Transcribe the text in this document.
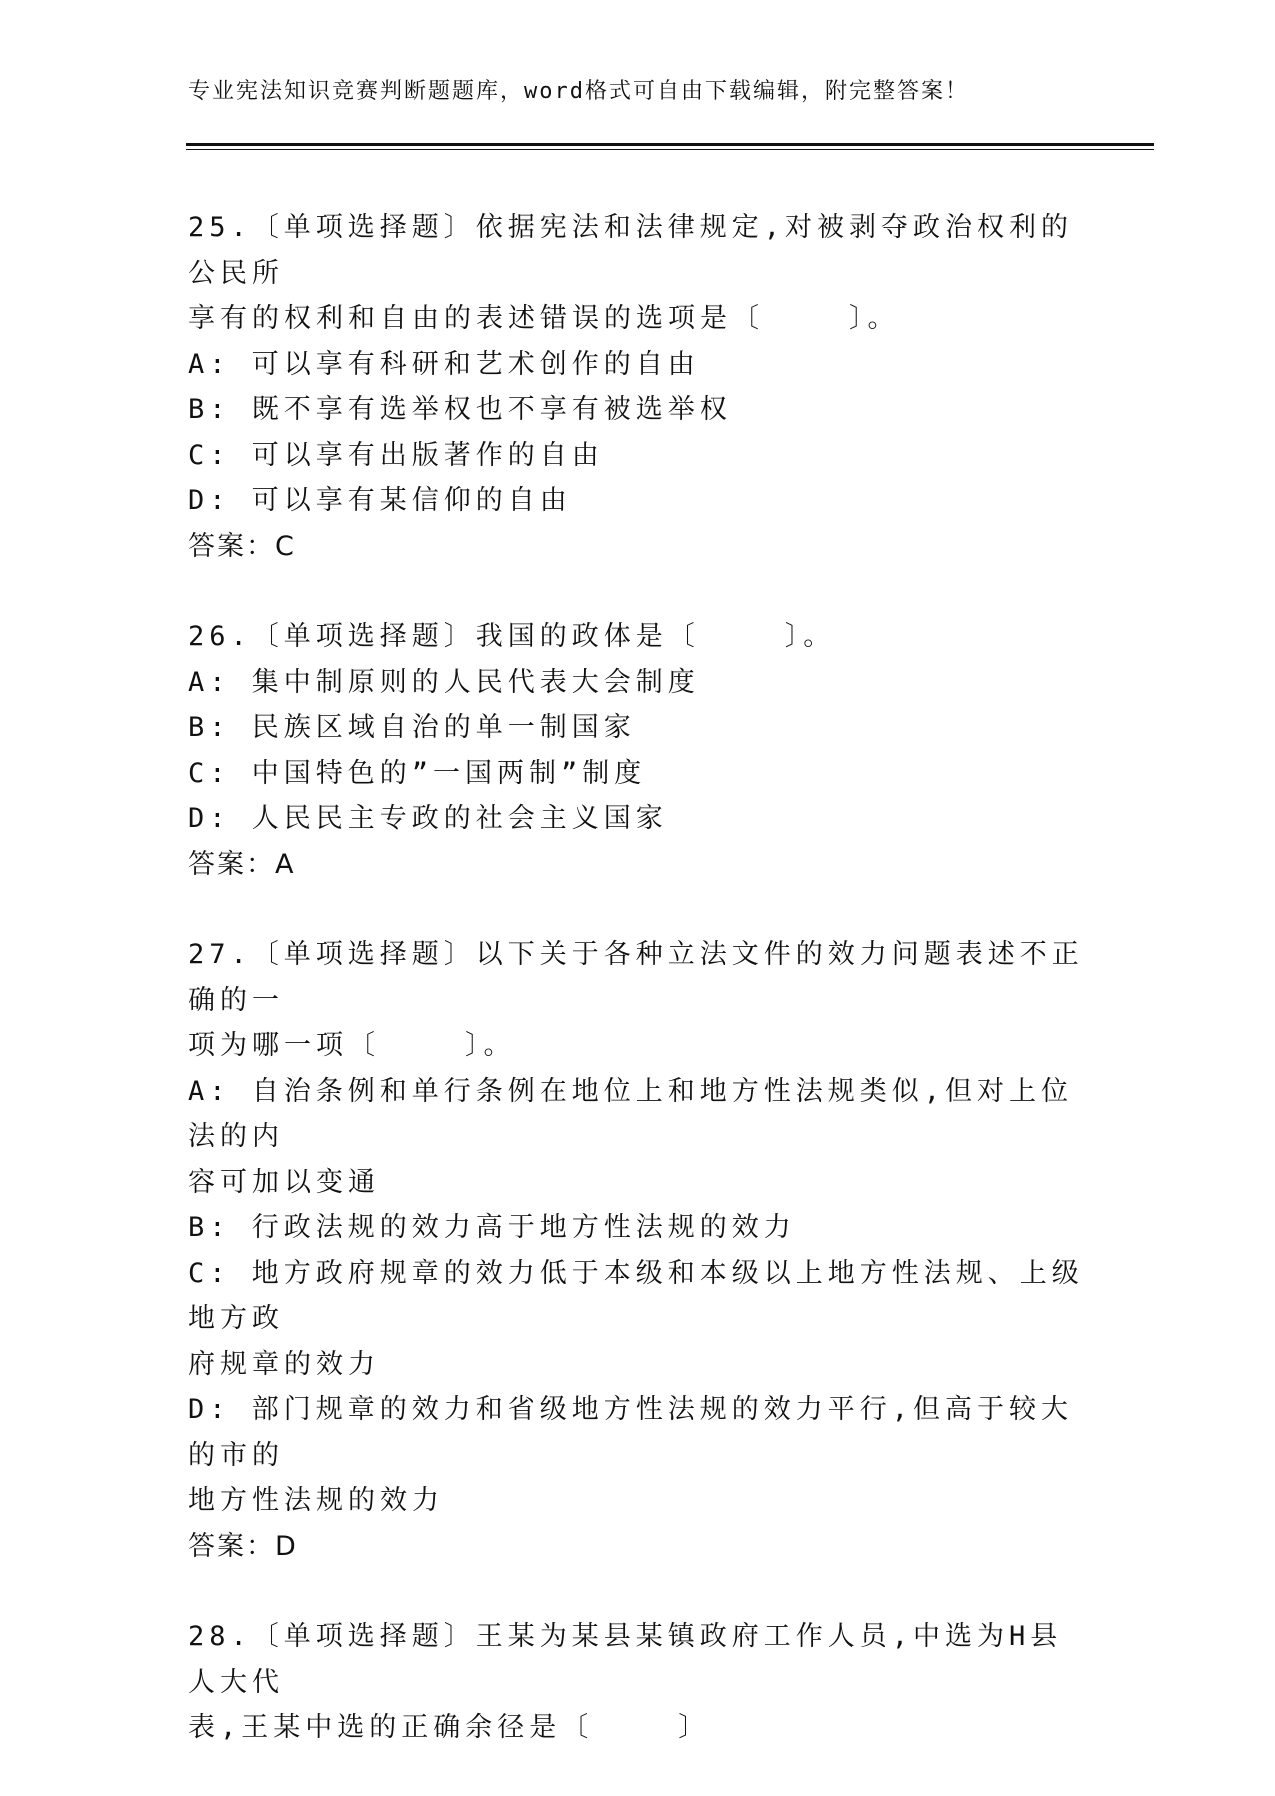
专业宪法知识竞赛判断题题库，word格式可自由下载编辑，附完整答案！
25.〔单项选择题〕依据宪法和法律规定,对被剥夺政治权利的公民所
享有的权利和自由的表述错误的选项是〔    〕。
A: 可以享有科研和艺术创作的自由
B: 既不享有选举权也不享有被选举权
C: 可以享有出版著作的自由
D: 可以享有某信仰的自由
答案：C
26.〔单项选择题〕我国的政体是〔    〕。
A: 集中制原则的人民代表大会制度
B: 民族区域自治的单一制国家
C: 中国特色的”一国两制”制度
D: 人民民主专政的社会主义国家
答案：A
27.〔单项选择题〕以下关于各种立法文件的效力问题表述不正确的一
项为哪一项〔    〕。
A: 自治条例和单行条例在地位上和地方性法规类似,但对上位法的内
容可加以变通
B: 行政法规的效力高于地方性法规的效力
C: 地方政府规章的效力低于本级和本级以上地方性法规、上级地方政
府规章的效力
D: 部门规章的效力和省级地方性法规的效力平行,但高于较大的市的
地方性法规的效力
答案：D
28.〔单项选择题〕王某为某县某镇政府工作人员,中选为H县人大代
表,王某中选的正确余径是〔    〕
